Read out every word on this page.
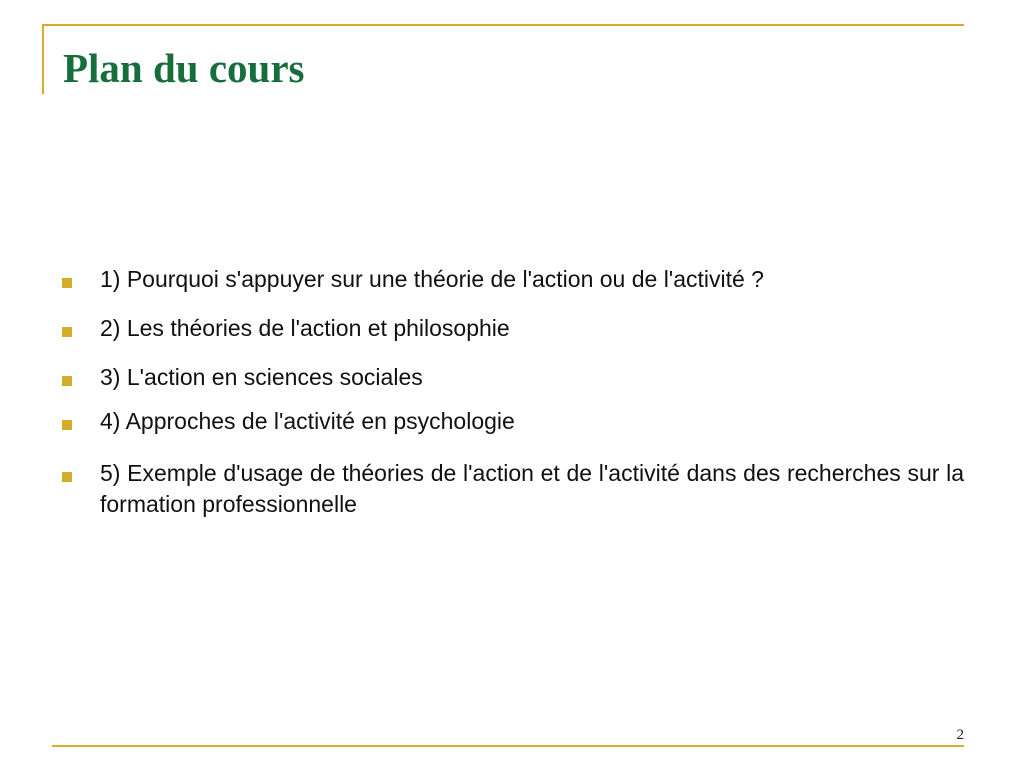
Plan du cours
1) Pourquoi s'appuyer sur une théorie de l'action ou de l'activité ?
2) Les théories de l'action et philosophie
3) L'action en sciences sociales
4) Approches de l'activité en psychologie
5) Exemple d'usage de théories de l'action et de l'activité dans des recherches sur la formation professionnelle
2
